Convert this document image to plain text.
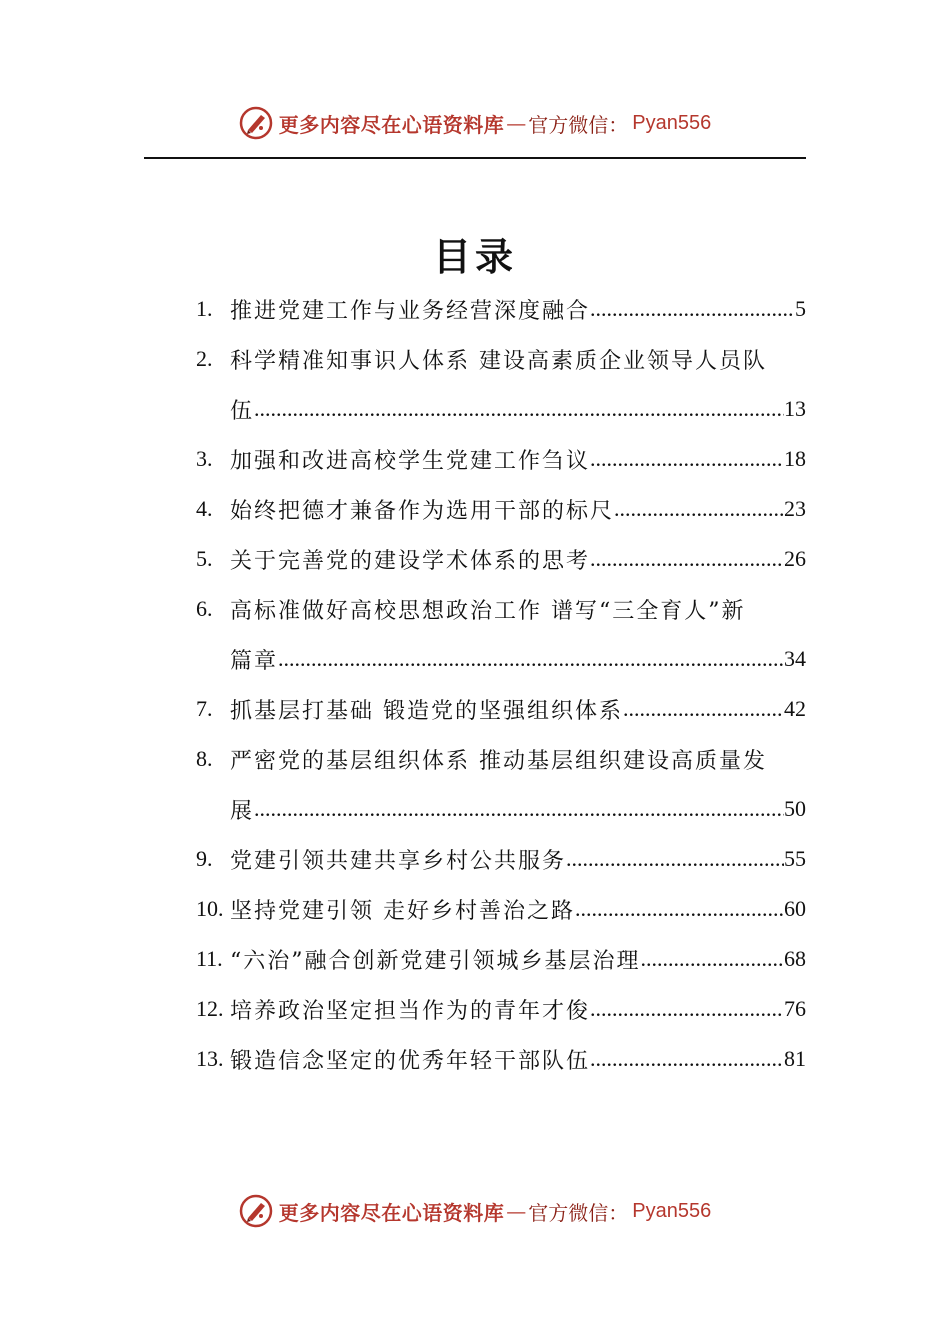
更多内容尽在心语资料库 — 官方微信： Pyan556
目录
1. 推进党建工作与业务经营深度融合 .....	5
2. 科学精准知事识人体系 建设高素质企业领导人员队
伍 .....	13
3. 加强和改进高校学生党建工作刍议 .....	18
4. 始终把德才兼备作为选用干部的标尺 .....	23
5. 关于完善党的建设学术体系的思考 .....	26
6. 高标准做好高校思想政治工作 谱写“三全育人”新
篇章 .....	34
7. 抓基层打基础 锻造党的坚强组织体系 .....	42
8. 严密党的基层组织体系 推动基层组织建设高质量发
展 .....	50
9. 党建引领共建共享乡村公共服务 .....	55
10. 坚持党建引领 走好乡村善治之路 .....	60
11. “六治”融合创新党建引领城乡基层治理 .....	68
12. 培养政治坚定担当作为的青年才俊 .....	76
13. 锻造信念坚定的优秀年轻干部队伍 .....	81
更多内容尽在心语资料库 — 官方微信： Pyan556
